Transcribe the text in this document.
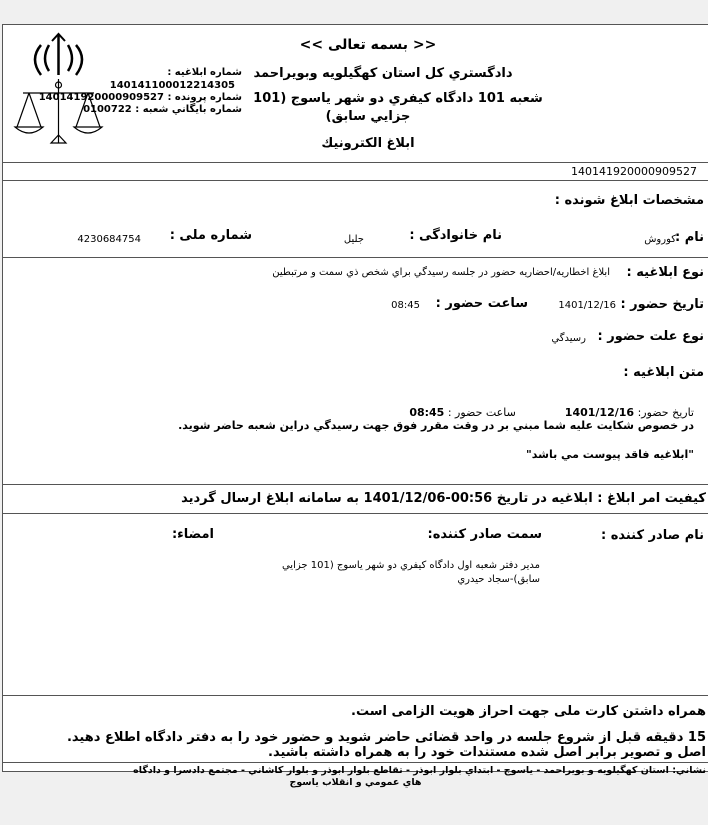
<< بسمه تعالی >>
دادگستري كل استان كهگيلويه وبويراحمد
شعبه 101 دادگاه كيفري دو شهر ياسوج (101
جزايي سابق)
ابلاغ الكترونيك
شماره ابلاغيه :
140141100012214305
شماره پرونده : 140141920000909527
شماره بايگاني شعبه : 0100722
140141920000909527
مشخصات ابلاغ شونده :
نام :
كوروش
نام خانوادگی :
جلیل
شماره ملی :
4230684754
نوع ابلاغيه :
ابلاغ اخطاريه/احضاريه حضور در جلسه رسيدگي براي شخص ذي سمت و مرتبطين
تاريخ حضور :
1401/12/16
ساعت حضور :
08:45
نوع علت حضور :
رسيدگي
متن ابلاغيه :
تاريخ حضور: 1401/12/16  ساعت حضور : 08:45
در خصوص شكايت عليه شما مبني بر در وقت مقرر فوق جهت رسيدگي دراين شعبه حاضر شويد.
"ابلاغيه فاقد پيوست مي باشد"
كيفيت امر ابلاغ : ابلاغيه در تاريخ 00:56-1401/12/06 به سامانه ابلاغ ارسال گرديد
نام صادر كننده :
سمت صادر كننده:
امضاء:
مدير دفتر شعبه اول دادگاه كيفري دو شهر ياسوج (101 جزايي
سابق)-سجاد حيدري
همراه داشتن كارت ملی جهت احراز هويت الزامی است.
15 دقيقه قبل از شروع جلسه در واحد قضائی حاضر شويد و حضور خود را به دفتر دادگاه اطلاع دهيد.
اصل و تصوير برابر اصل شده مستندات خود را به همراه داشته باشيد.
نشاني: استان كهگيلويه و بويراحمد - ياسوج - ابتداي بلوار ابوذر - تقاطع بلوار ابوذر و بلوار كاشاني - مجتمع دادسرا و دادگاه
هاي عمومي و انقلاب ياسوج
